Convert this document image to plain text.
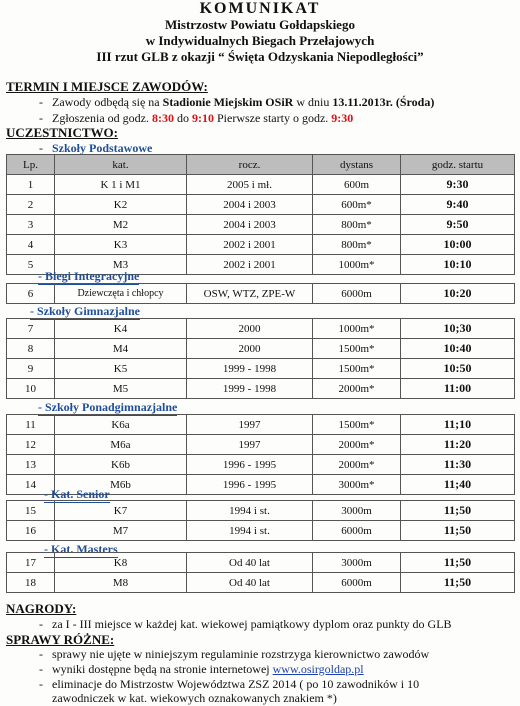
KOMUNIKAT
Mistrzostw Powiatu Gołdapskiego
w Indywidualnych Biegach Przełajowych
III rzut GLB z okazji “ Święta Odzyskania Niepodległości”
TERMIN I MIEJSCE ZAWODÓW:
- Zawody odbędą się na Stadionie Miejskim OSiR w dniu 13.11.2013r. (Środa)
- Zgłoszenia od godz. 8:30 do 9:10 Pierwsze starty o godz. 9:30
UCZESTNICTWO:
- Szkoły Podstawowe
Lp.	kat.	rocz.	dystans	godz. startu
1	K 1 i M1	2005 i mł.	600m	9:30
2	K2	2004 i 2003	600m*	9:40
3	M2	2004 i 2003	800m*	9:50
4	K3	2002 i 2001	800m*	10:00
5	M3	2002 i 2001	1000m*	10:10
- Biegi Integracyjne
6	Dziewczęta i chłopcy	OSW, WTZ, ZPE-W	6000m	10:20
- Szkoły Gimnazjalne
7	K4	2000	1000m*	10;30
8	M4	2000	1500m*	10:40
9	K5	1999 - 1998	1500m*	10:50
10	M5	1999 - 1998	2000m*	11:00
- Szkoły Ponadgimnazjalne
11	K6a	1997	1500m*	11;10
12	M6a	1997	2000m*	11:20
13	K6b	1996 - 1995	2000m*	11:30
14	M6b	1996 - 1995	3000m*	11;40
- Kat. Senior
15	K7	1994 i st.	3000m	11;50
16	M7	1994 i st.	6000m	11;50
- Kat. Masters
17	K8	Od 40 lat	3000m	11;50
18	M8	Od 40 lat	6000m	11;50
NAGRODY:
- za I - III miejsce w każdej kat. wiekowej pamiątkowy dyplom oraz punkty do GLB
SPRAWY RÓŻNE:
- sprawy nie ujęte w niniejszym regulaminie rozstrzyga kierownictwo zawodów
- wyniki dostępne będą na stronie internetowej www.osirgoldap.pl
- eliminacje do Mistrzostw Województwa ZSZ 2014 ( po 10 zawodników i 10
zawodniczek w kat. wiekowych oznakowanych znakiem *)
